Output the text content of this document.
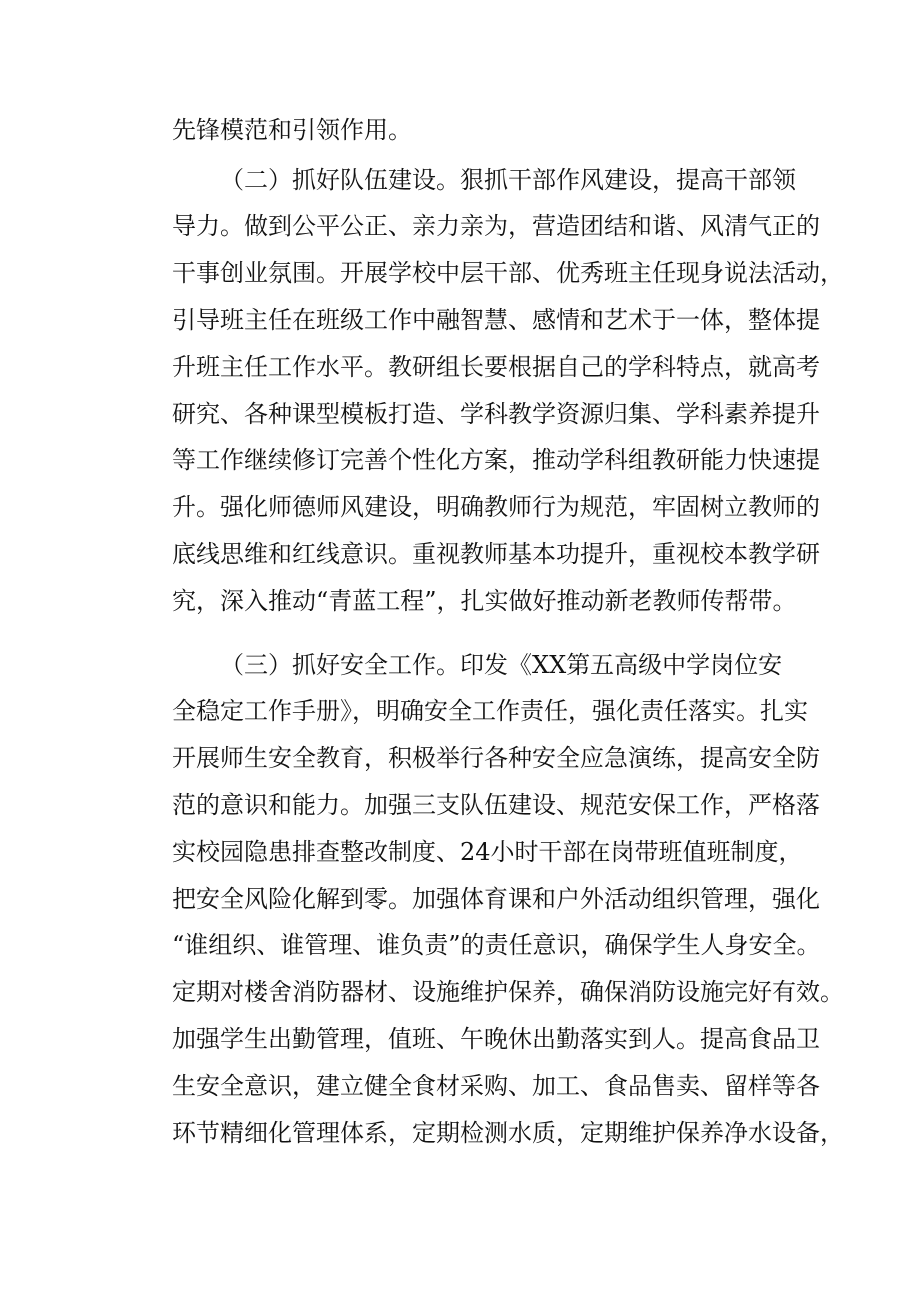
先锋模范和引领作用。
（二）抓好队伍建设。狠抓干部作风建设，提高干部领
导力。做到公平公正、亲力亲为，营造团结和谐、风清气正的
干事创业氛围。开展学校中层干部、优秀班主任现身说法活动，
引导班主任在班级工作中融智慧、感情和艺术于一体，整体提
升班主任工作水平。教研组长要根据自己的学科特点，就高考
研究、各种课型模板打造、学科教学资源归集、学科素养提升
等工作继续修订完善个性化方案，推动学科组教研能力快速提
升。强化师德师风建设，明确教师行为规范，牢固树立教师的
底线思维和红线意识。重视教师基本功提升，重视校本教学研
究，深入推动“青蓝工程”，扎实做好推动新老教师传帮带。
（三）抓好安全工作。印发《XX第五高级中学岗位安
全稳定工作手册》，明确安全工作责任，强化责任落实。扎实
开展师生安全教育，积极举行各种安全应急演练，提高安全防
范的意识和能力。加强三支队伍建设、规范安保工作，严格落
实校园隐患排查整改制度、24小时干部在岗带班值班制度，
把安全风险化解到零。加强体育课和户外活动组织管理，强化
“谁组织、谁管理、谁负责”的责任意识，确保学生人身安全。
定期对楼舍消防器材、设施维护保养，确保消防设施完好有效。
加强学生出勤管理，值班、午晚休出勤落实到人。提高食品卫
生安全意识，建立健全食材采购、加工、食品售卖、留样等各
环节精细化管理体系，定期检测水质，定期维护保养净水设备，
